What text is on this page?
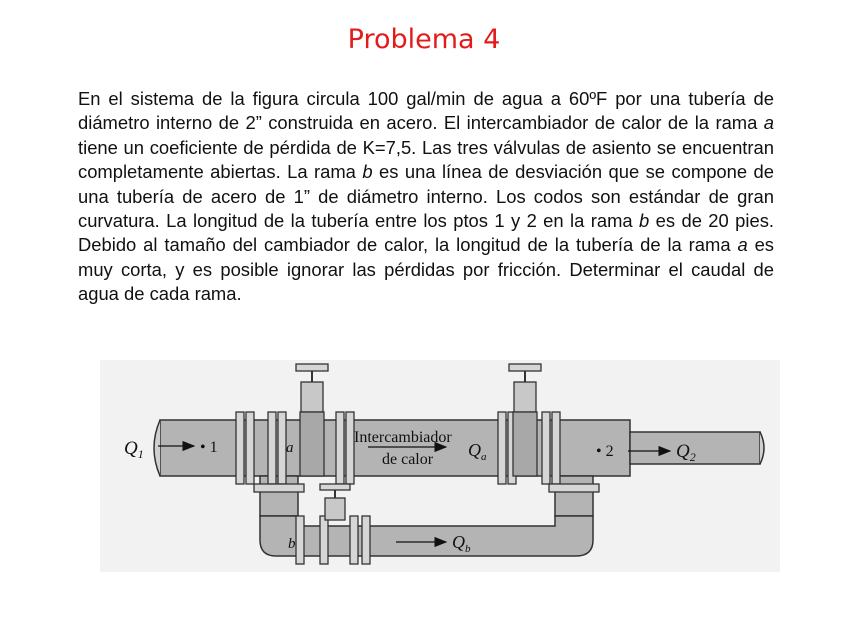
Problema 4
En el sistema de la figura circula 100 gal/min de agua a 60ºF por una tubería de diámetro interno de 2” construida en acero. El intercambiador de calor de la rama a tiene un coeficiente de pérdida de K=7,5. Las tres válvulas de asiento se encuentran completamente abiertas. La rama b es una línea de desviación que se compone de una tubería de acero de 1” de diámetro interno. Los codos son estándar de gran curvatura. La longitud de la tubería entre los ptos 1 y 2 en la rama b es de 20 pies. Debido al tamaño del cambiador de calor, la longitud de la tubería de la rama a es muy corta, y es posible ignorar las pérdidas por fricción. Determinar el caudal de agua de cada rama.
$Q_1$	• 1	a
Intercambiador
de calor $Q_a$	• 2	$Q_2$
b	$Q_b$
